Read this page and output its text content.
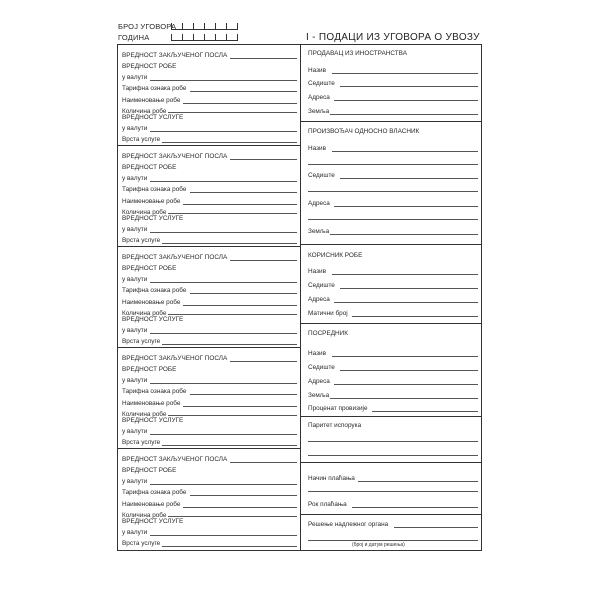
БРОЈ УГОВОРА
ГОДИНА	I - ПОДАЦИ ИЗ УГОВОРА О УВОЗУ
ВРЕДНОСТ ЗАКЉУЧЕНОГ ПОСЛА
ВРЕДНОСТ РОБЕ
у валути
Тарифна ознака робе
Наименовање робе
Количина робе
ВРЕДНОСТ УСЛУГЕ
у валути
Врста услуге
ВРЕДНОСТ ЗАКЉУЧЕНОГ ПОСЛА
ВРЕДНОСТ РОБЕ
у валути
Тарифна ознака робе
Наименовање робе
Количина робе
ВРЕДНОСТ УСЛУГЕ
у валути
Врста услуге
ВРЕДНОСТ ЗАКЉУЧЕНОГ ПОСЛА
ВРЕДНОСТ РОБЕ
у валути
Тарифна ознака робе
Наименовање робе
Количина робе
ВРЕДНОСТ УСЛУГЕ
у валути
Врста услуге
ВРЕДНОСТ ЗАКЉУЧЕНОГ ПОСЛА
ВРЕДНОСТ РОБЕ
у валути
Тарифна ознака робе
Наименовање робе
Количина робе
ВРЕДНОСТ УСЛУГЕ
у валути
Врста услуге
ВРЕДНОСТ ЗАКЉУЧЕНОГ ПОСЛА
ВРЕДНОСТ РОБЕ
у валути
Тарифна ознака робе
Наименовање робе
Количина робе
ВРЕДНОСТ УСЛУГЕ
у валути
Врста услуге
ПРОДАВАЦ ИЗ ИНОСТРАНСТВА
Назив
Седиште
Адреса
Земља
ПРОИЗВОЂАЧ ОДНОСНО ВЛАСНИК
Назив
Седиште
Адреса
Земља
КОРИСНИК РОБЕ
Назив
Седиште
Адреса
Матични број
ПОСРЕДНИК
Назив
Седиште
Адреса
Земља
Проценат провизије
Паритет испорука
Начин плаћања
Рок плаћања
Решење надлежног органа
(број и датум решења)
